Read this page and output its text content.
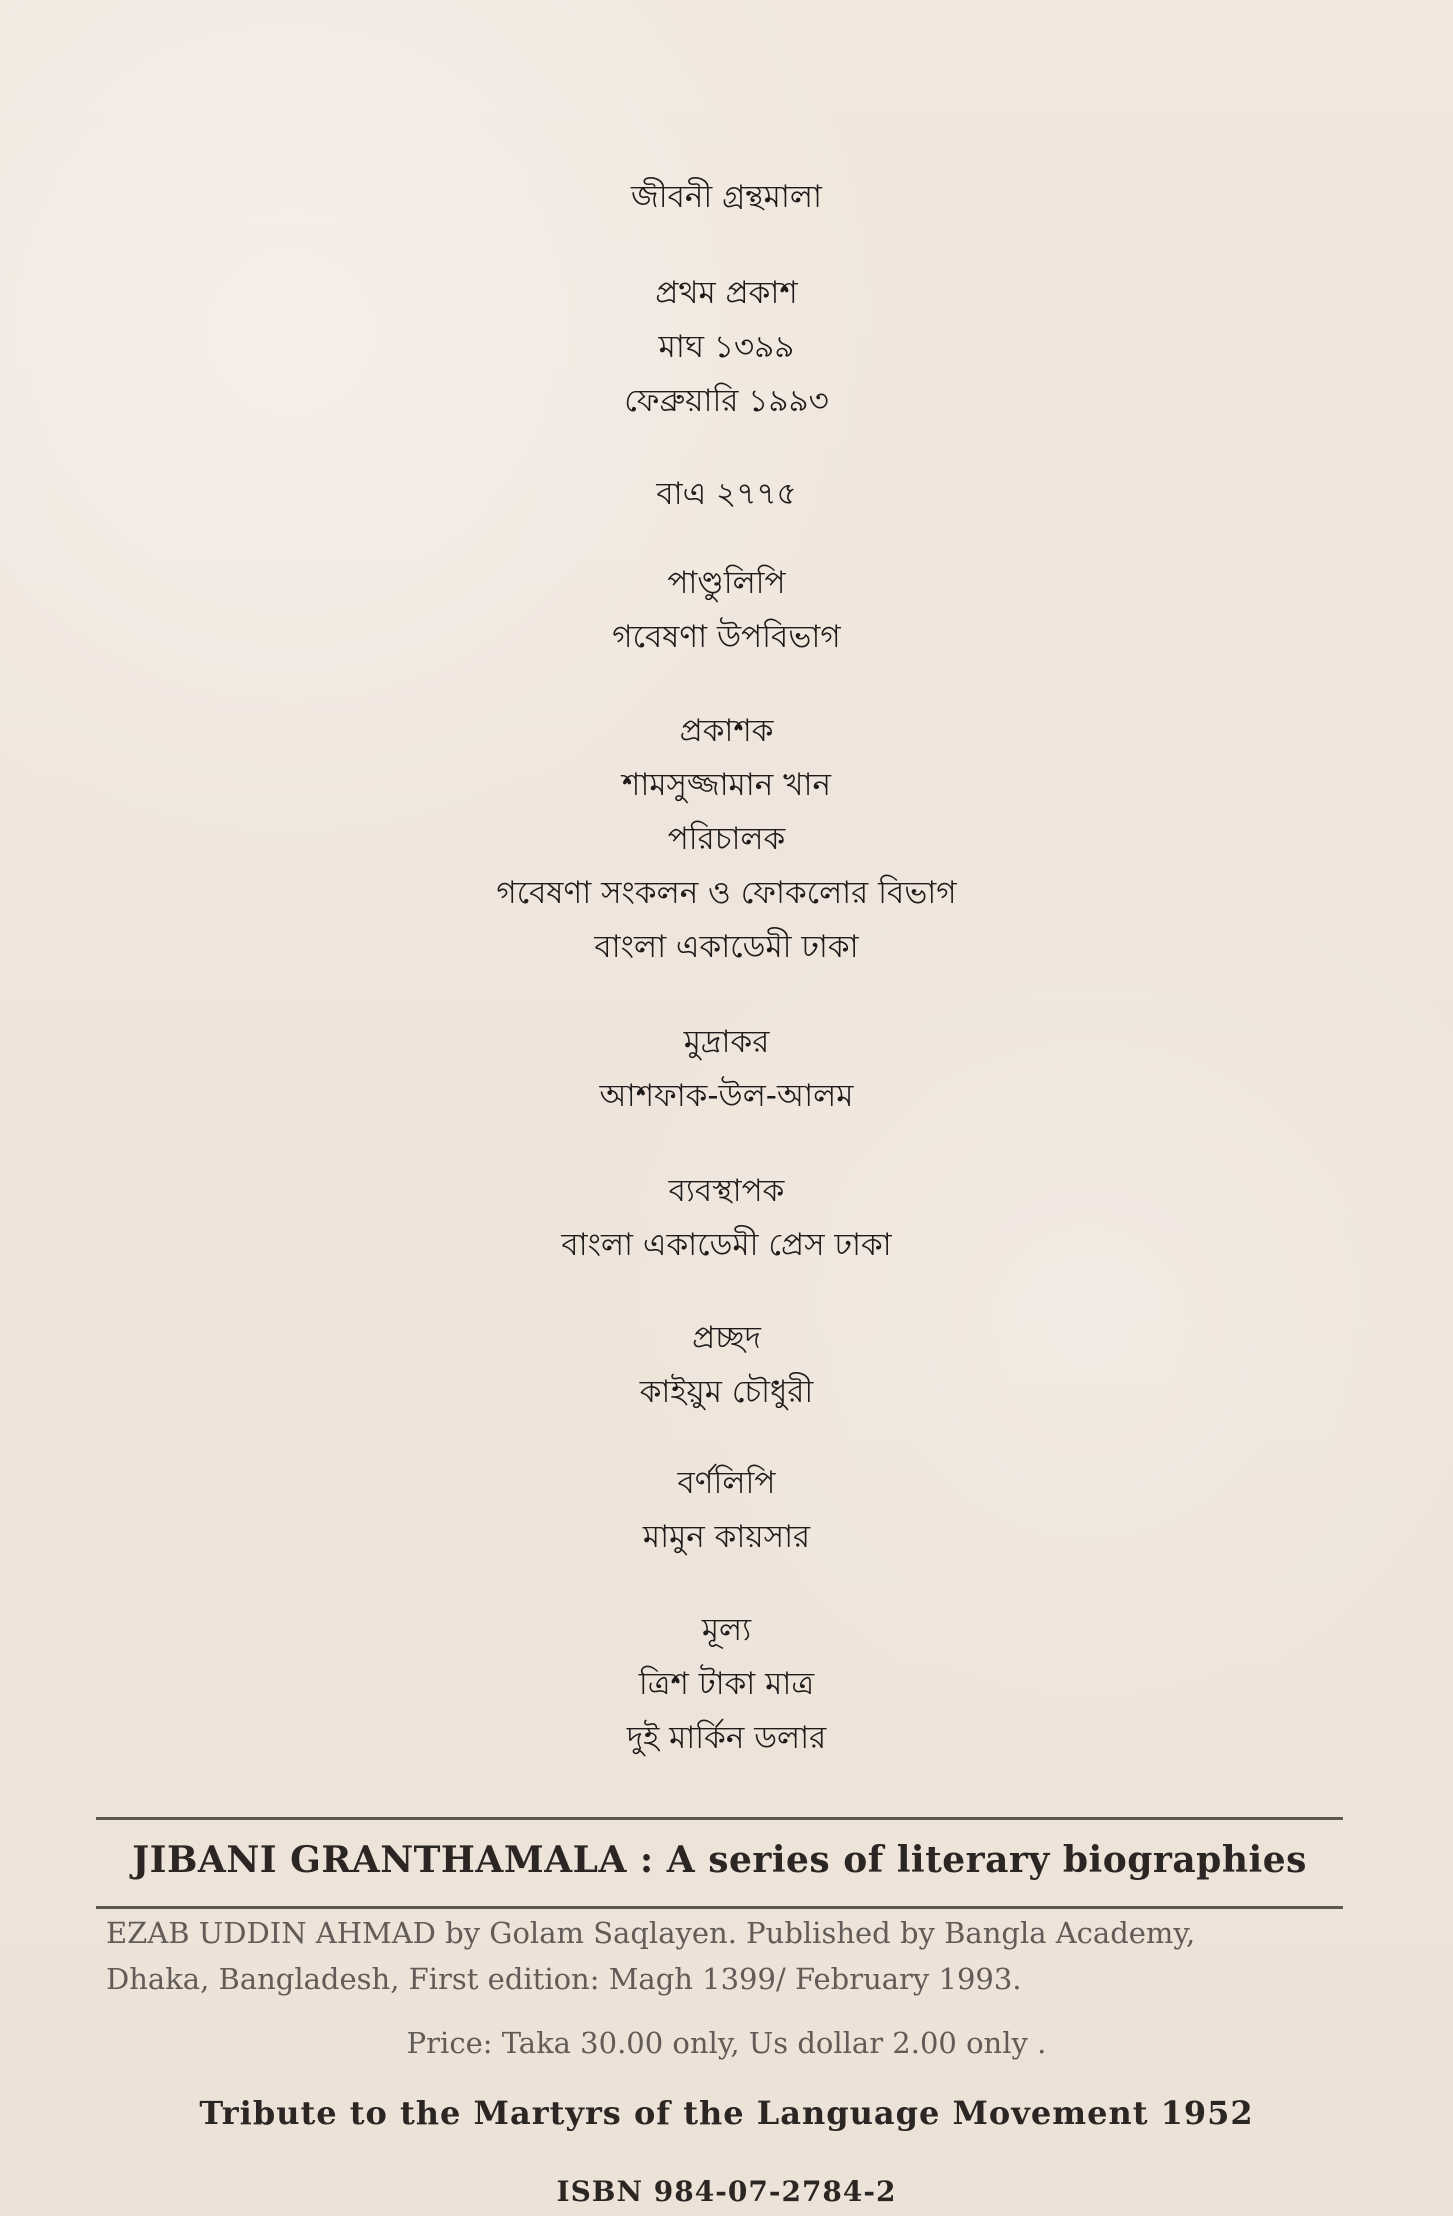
জীবনী গ্রন্থমালা
প্রথম প্রকাশ
মাঘ ১৩৯৯
ফেব্রুয়ারি ১৯৯৩
বাএ ২৭৭৫
পাণ্ডুলিপি
গবেষণা উপবিভাগ
প্রকাশক
শামসুজ্জামান খান
পরিচালক
গবেষণা সংকলন ও ফোকলোর বিভাগ
বাংলা একাডেমী ঢাকা
মুদ্রাকর
আশফাক-উল-আলম
ব্যবস্থাপক
বাংলা একাডেমী প্রেস ঢাকা
প্রচ্ছদ
কাইয়ুম চৌধুরী
বর্ণলিপি
মামুন কায়সার
মূল্য
ত্রিশ টাকা মাত্র
দুই মার্কিন ডলার
JIBANI GRANTHAMALA : A series of literary biographies
EZAB UDDIN AHMAD by Golam Saqlayen. Published by Bangla Academy,
Dhaka, Bangladesh, First edition: Magh 1399/ February 1993.
Price: Taka 30.00 only, Us dollar 2.00 only .
Tribute to the Martyrs of the Language Movement 1952
ISBN 984-07-2784-2
